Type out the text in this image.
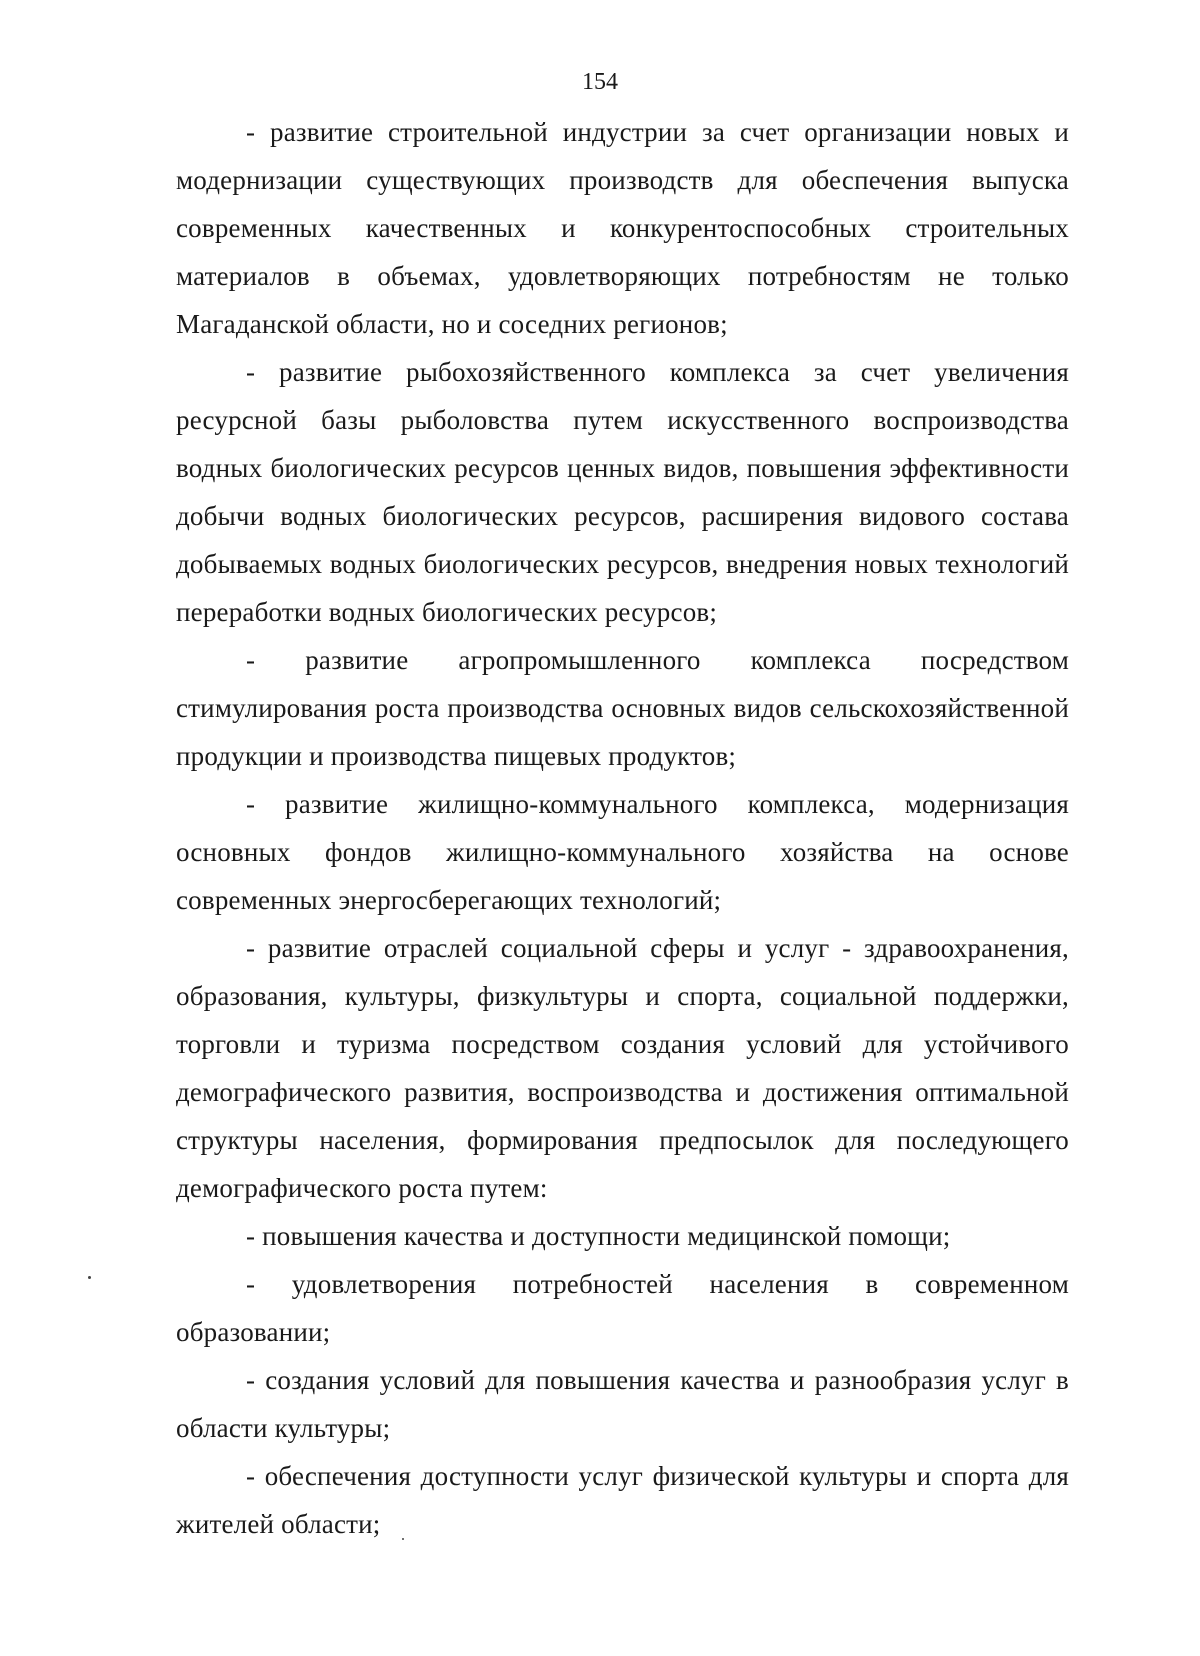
154

- развитие строительной индустрии за счет организации новых и модернизации существующих производств для обеспечения выпуска современных качественных и конкурентоспособных строительных материалов в объемах, удовлетворяющих потребностям не только Магаданской области, но и соседних регионов;

- развитие рыбохозяйственного комплекса за счет увеличения ресурсной базы рыболовства путем искусственного воспроизводства водных биологических ресурсов ценных видов, повышения эффективности добычи водных биологических ресурсов, расширения видового состава добываемых водных биологических ресурсов, внедрения новых технологий переработки водных биологических ресурсов;

- развитие агропромышленного комплекса посредством стимулирования роста производства основных видов сельскохозяйственной продукции и производства пищевых продуктов;

- развитие жилищно-коммунального комплекса, модернизация основных фондов жилищно-коммунального хозяйства на основе современных энергосберегающих технологий;

- развитие отраслей социальной сферы и услуг - здравоохранения, образования, культуры, физкультуры и спорта, социальной поддержки, торговли и туризма посредством создания условий для устойчивого демографического развития, воспроизводства и достижения оптимальной структуры населения, формирования предпосылок для последующего демографического роста путем:

- повышения качества и доступности медицинской помощи;

- удовлетворения потребностей населения в современном образовании;

- создания условий для повышения качества и разнообразия услуг в области культуры;

- обеспечения доступности услуг физической культуры и спорта для жителей области;
